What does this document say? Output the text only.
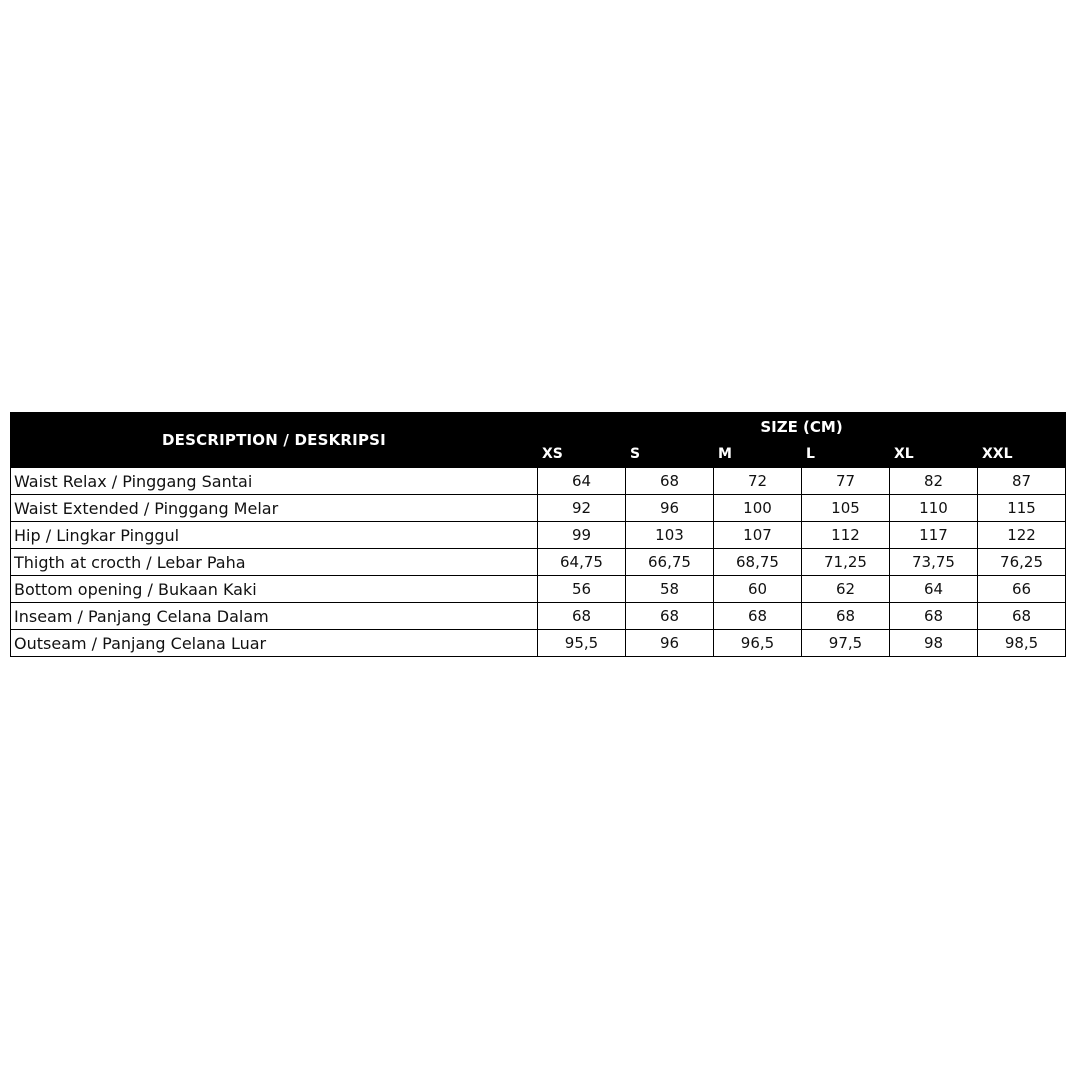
DESCRIPTION / DESKRIPSI	SIZE (CM)					
	XS	S	M	L	XL	XXL
Waist Relax / Pinggang Santai	64	68	72	77	82	87
Waist Extended / Pinggang Melar	92	96	100	105	110	115
Hip / Lingkar Pinggul	99	103	107	112	117	122
Thigth at crocth / Lebar Paha	64,75	66,75	68,75	71,25	73,75	76,25
Bottom opening / Bukaan Kaki	56	58	60	62	64	66
Inseam / Panjang Celana Dalam	68	68	68	68	68	68
Outseam / Panjang Celana Luar	95,5	96	96,5	97,5	98	98,5
